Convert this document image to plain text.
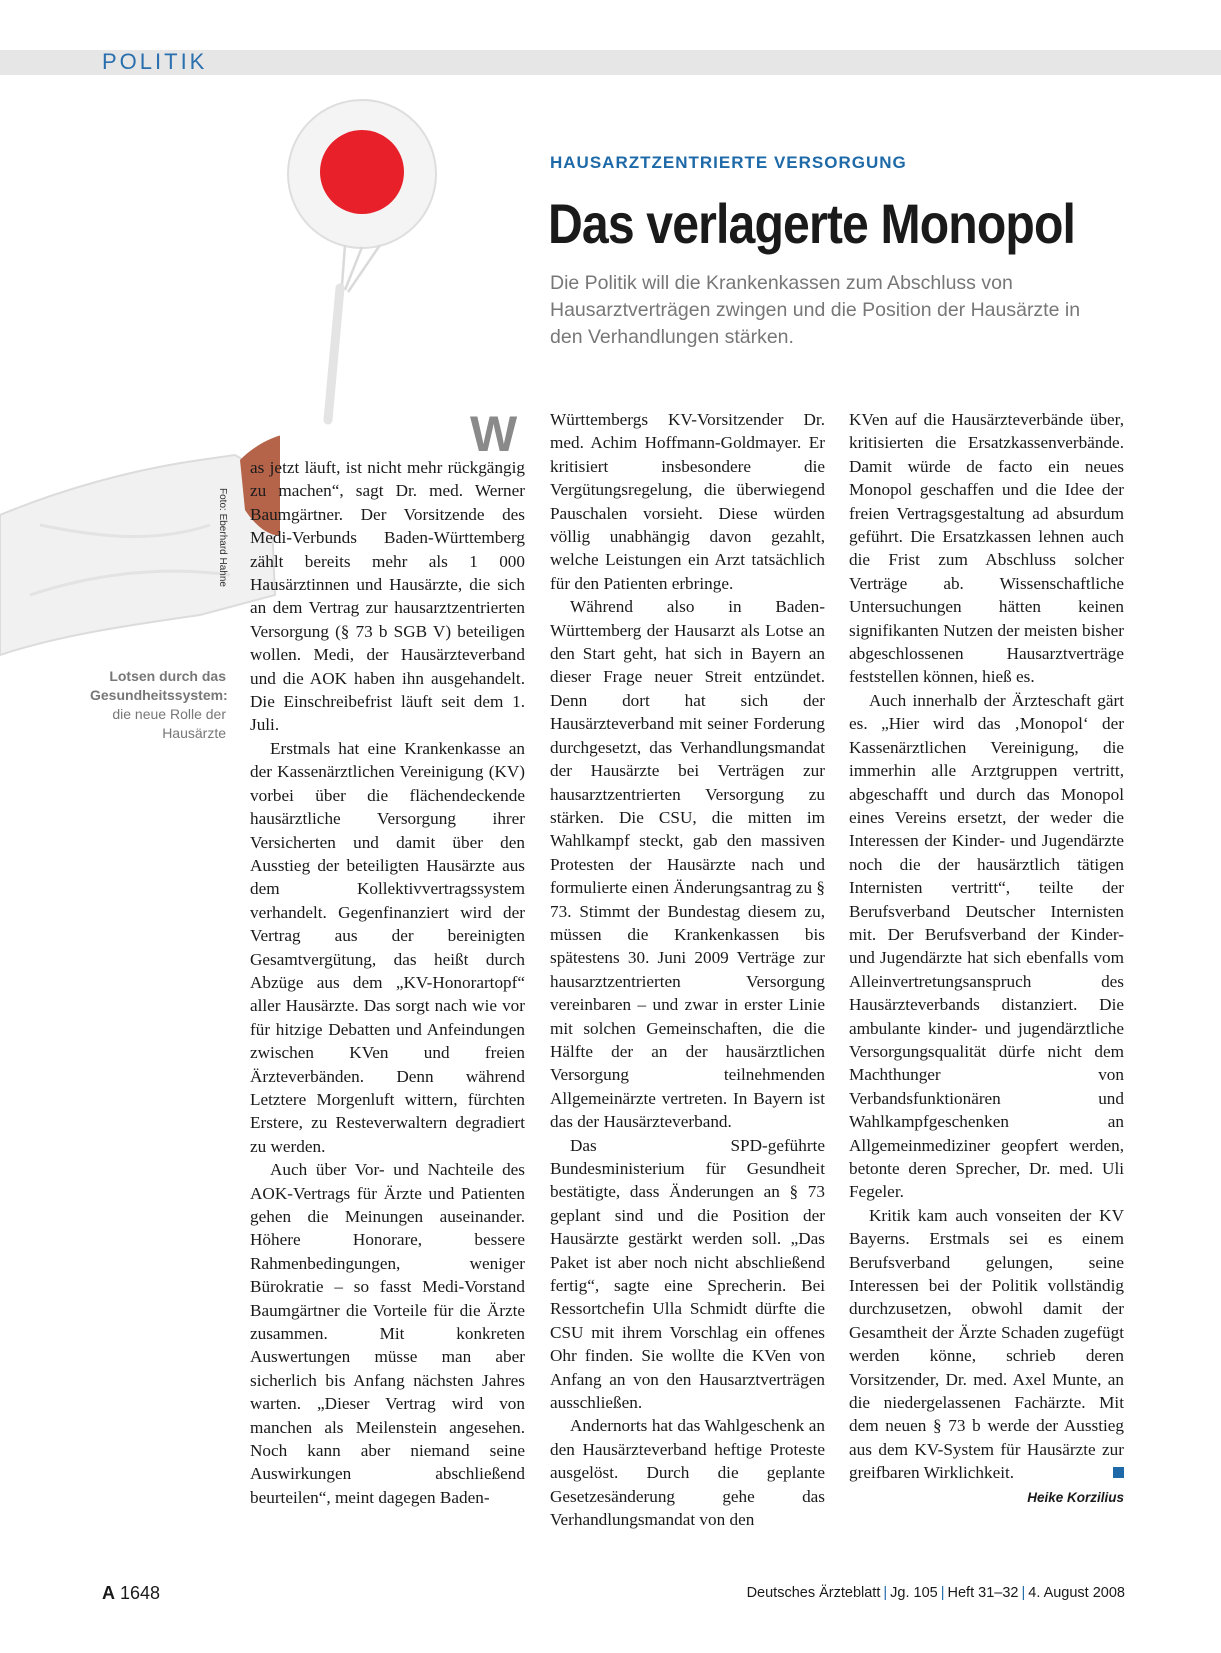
POLITIK
Foto: Eberhard Hahne
HAUSARZTZENTRIERTE VERSORGUNG
Das verlagerte Monopol

Die Politik will die Krankenkassen zum Abschluss von Hausarztverträgen zwingen und die Position der Hausärzte in den Verhandlungen stärken.

Lotsen durch das Gesundheitssystem:
die neue Rolle der Hausärzte

W
as jetzt läuft, ist nicht mehr rückgängig zu machen“, sagt Dr. med. Werner Baumgärtner. Der Vorsitzende des Medi-Verbunds Baden-Württemberg zählt bereits mehr als 1 000 Hausärztinnen und Hausärzte, die sich an dem Vertrag zur hausarztzentrierten Versorgung (§ 73 b SGB V) beteiligen wollen. Medi, der Hausärzteverband und die AOK haben ihn ausgehandelt. Die Einschreibefrist läuft seit dem 1. Juli.

Erstmals hat eine Krankenkasse an der Kassenärztlichen Vereinigung (KV) vorbei über die flächendeckende hausärztliche Versorgung ihrer Versicherten und damit über den Ausstieg der beteiligten Hausärzte aus dem Kollektivvertragssystem verhandelt. Gegenfinanziert wird der Vertrag aus der bereinigten Gesamtvergütung, das heißt durch Abzüge aus dem „KV-Honorartopf“ aller Hausärzte. Das sorgt nach wie vor für hitzige Debatten und Anfeindungen zwischen KVen und freien Ärzteverbänden. Denn während Letztere Morgenluft wittern, fürchten Erstere, zu Resteverwaltern degradiert zu werden.

Auch über Vor- und Nachteile des AOK-Vertrags für Ärzte und Patienten gehen die Meinungen auseinander. Höhere Honorare, bessere Rahmenbedingungen, weniger Bürokratie – so fasst Medi-Vorstand Baumgärtner die Vorteile für die Ärzte zusammen. Mit konkreten Auswertungen müsse man aber sicherlich bis Anfang nächsten Jahres warten. „Dieser Vertrag wird von manchen als Meilenstein angesehen. Noch kann aber niemand seine Auswirkungen abschließend beurteilen“, meint dagegen Baden-

Württembergs KV-Vorsitzender Dr. med. Achim Hoffmann-Goldmayer. Er kritisiert insbesondere die Vergütungsregelung, die überwiegend Pauschalen vorsieht. Diese würden völlig unabhängig davon gezahlt, welche Leistungen ein Arzt tatsächlich für den Patienten erbringe.

Während also in Baden-Württemberg der Hausarzt als Lotse an den Start geht, hat sich in Bayern an dieser Frage neuer Streit entzündet. Denn dort hat sich der Hausärzteverband mit seiner Forderung durchgesetzt, das Verhandlungsmandat der Hausärzte bei Verträgen zur hausarztzentrierten Versorgung zu stärken. Die CSU, die mitten im Wahlkampf steckt, gab den massiven Protesten der Hausärzte nach und formulierte einen Änderungsantrag zu § 73. Stimmt der Bundestag diesem zu, müssen die Krankenkassen bis spätestens 30. Juni 2009 Verträge zur hausarztzentrierten Versorgung vereinbaren – und zwar in erster Linie mit solchen Gemeinschaften, die die Hälfte der an der hausärztlichen Versorgung teilnehmenden Allgemeinärzte vertreten. In Bayern ist das der Hausärzteverband.

Das SPD-geführte Bundesministerium für Gesundheit bestätigte, dass Änderungen an § 73 geplant sind und die Position der Hausärzte gestärkt werden soll. „Das Paket ist aber noch nicht abschließend fertig“, sagte eine Sprecherin. Bei Ressortchefin Ulla Schmidt dürfte die CSU mit ihrem Vorschlag ein offenes Ohr finden. Sie wollte die KVen von Anfang an von den Hausarztverträgen ausschließen.

Andernorts hat das Wahlgeschenk an den Hausärzteverband heftige Proteste ausgelöst. Durch die geplante Gesetzesänderung gehe das Verhandlungsmandat von den

KVen auf die Hausärzteverbände über, kritisierten die Ersatzkassenverbände. Damit würde de facto ein neues Monopol geschaffen und die Idee der freien Vertragsgestaltung ad absurdum geführt. Die Ersatzkassen lehnen auch die Frist zum Abschluss solcher Verträge ab. Wissenschaftliche Untersuchungen hätten keinen signifikanten Nutzen der meisten bisher abgeschlossenen Hausarztverträge feststellen können, hieß es.

Auch innerhalb der Ärzteschaft gärt es. „Hier wird das ‚Monopol‘ der Kassenärztlichen Vereinigung, die immerhin alle Arztgruppen vertritt, abgeschafft und durch das Monopol eines Vereins ersetzt, der weder die Interessen der Kinder- und Jugendärzte noch die der hausärztlich tätigen Internisten vertritt“, teilte der Berufsverband Deutscher Internisten mit. Der Berufsverband der Kinder- und Jugendärzte hat sich ebenfalls vom Alleinvertretungsanspruch des Hausärzteverbands distanziert. Die ambulante kinder- und jugendärztliche Versorgungsqualität dürfe nicht dem Machthunger von Verbandsfunktionären und Wahlkampfgeschenken an Allgemeinmediziner geopfert werden, betonte deren Sprecher, Dr. med. Uli Fegeler.

Kritik kam auch vonseiten der KV Bayerns. Erstmals sei es einem Berufsverband gelungen, seine Interessen bei der Politik vollständig durchzusetzen, obwohl damit der Gesamtheit der Ärzte Schaden zugefügt werden könne, schrieb deren Vorsitzender, Dr. med. Axel Munte, an die niedergelassenen Fachärzte. Mit dem neuen § 73 b werde der Ausstieg aus dem KV-System für Hausärzte zur greifbaren Wirklichkeit.

Heike Korzilius
A 1648	Deutsches Ärzteblatt | Jg. 105 | Heft 31–32 | 4. August 2008
